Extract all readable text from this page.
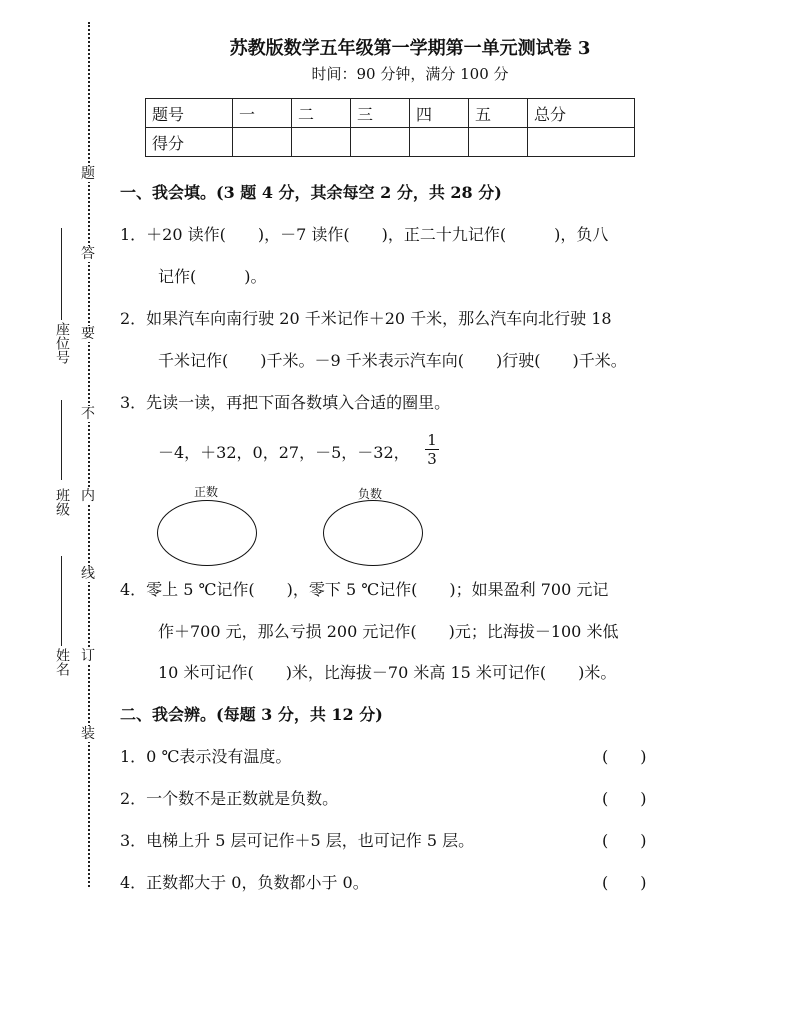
题
答
要
不
内
线
订
装
座位号
班级
姓名
苏教版数学五年级第一学期第一单元测试卷 3
时间：90 分钟，满分 100 分
题号	一	二	三	四	五	总分
得分						
一、我会填。(3 题 4 分，其余每空 2 分，共 28 分)
1．＋20 读作(　　)，－7 读作(　　)，正二十九记作(　　　)，负八
记作(　　　)。
2．如果汽车向南行驶 20 千米记作＋20 千米，那么汽车向北行驶 18
千米记作(　　)千米。－9 千米表示汽车向(　　)行驶(　　)千米。
3．先读一读，再把下面各数填入合适的圈里。
－4，＋32，0，27，－5，－32，
1
3
正数	负数
4．零上 5 ℃记作(　　)，零下 5 ℃记作(　　)；如果盈利 700 元记
作＋700 元，那么亏损 200 元记作(　　)元；比海拔－100 米低
10 米可记作(　　)米，比海拔－70 米高 15 米可记作(　　)米。
二、我会辨。(每题 3 分，共 12 分)
1．0 ℃表示没有温度。	(　　)
2．一个数不是正数就是负数。	(　　)
3．电梯上升 5 层可记作＋5 层，也可记作 5 层。	(　　)
4．正数都大于 0，负数都小于 0。	(　　)
